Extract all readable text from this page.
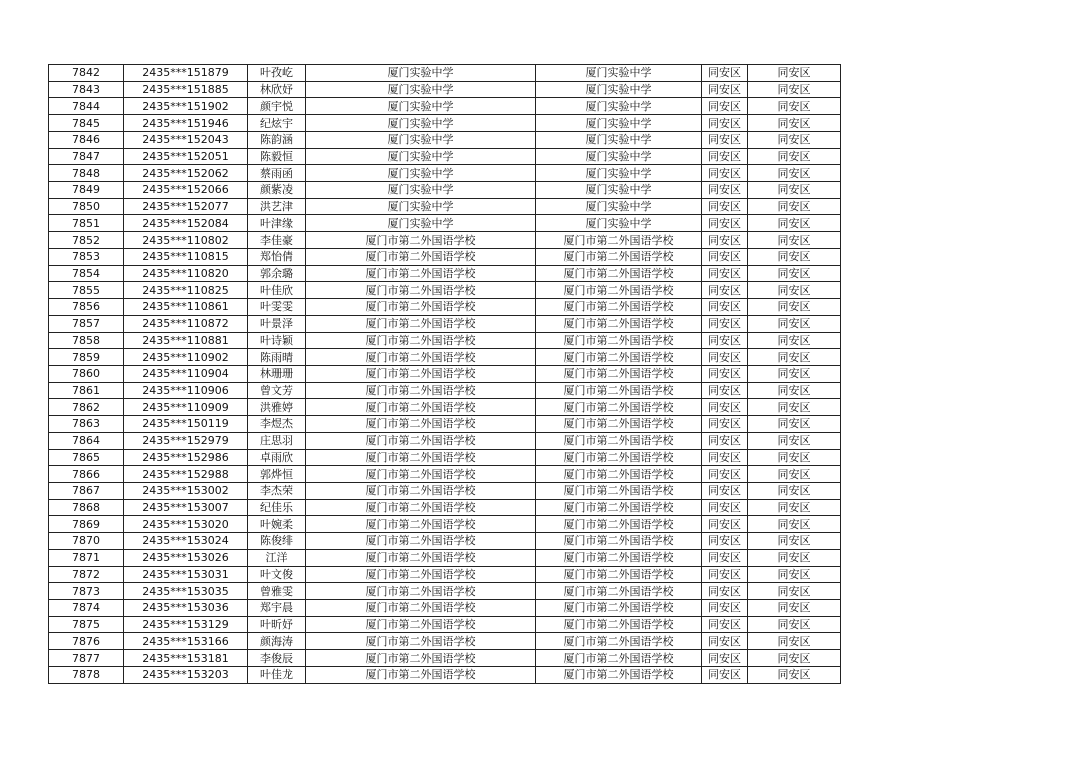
7842	2435***151879	叶孜屹	厦门实验中学	厦门实验中学	同安区	同安区
7843	2435***151885	林欣妤	厦门实验中学	厦门实验中学	同安区	同安区
7844	2435***151902	颜宇悦	厦门实验中学	厦门实验中学	同安区	同安区
7845	2435***151946	纪炫宇	厦门实验中学	厦门实验中学	同安区	同安区
7846	2435***152043	陈韵涵	厦门实验中学	厦门实验中学	同安区	同安区
7847	2435***152051	陈毅恒	厦门实验中学	厦门实验中学	同安区	同安区
7848	2435***152062	蔡雨函	厦门实验中学	厦门实验中学	同安区	同安区
7849	2435***152066	颜紫凌	厦门实验中学	厦门实验中学	同安区	同安区
7850	2435***152077	洪艺津	厦门实验中学	厦门实验中学	同安区	同安区
7851	2435***152084	叶津缘	厦门实验中学	厦门实验中学	同安区	同安区
7852	2435***110802	李佳豪	厦门市第二外国语学校	厦门市第二外国语学校	同安区	同安区
7853	2435***110815	郑怡倩	厦门市第二外国语学校	厦门市第二外国语学校	同安区	同安区
7854	2435***110820	郭余璐	厦门市第二外国语学校	厦门市第二外国语学校	同安区	同安区
7855	2435***110825	叶佳欣	厦门市第二外国语学校	厦门市第二外国语学校	同安区	同安区
7856	2435***110861	叶雯雯	厦门市第二外国语学校	厦门市第二外国语学校	同安区	同安区
7857	2435***110872	叶景泽	厦门市第二外国语学校	厦门市第二外国语学校	同安区	同安区
7858	2435***110881	叶诗颖	厦门市第二外国语学校	厦门市第二外国语学校	同安区	同安区
7859	2435***110902	陈雨晴	厦门市第二外国语学校	厦门市第二外国语学校	同安区	同安区
7860	2435***110904	林珊珊	厦门市第二外国语学校	厦门市第二外国语学校	同安区	同安区
7861	2435***110906	曾文芳	厦门市第二外国语学校	厦门市第二外国语学校	同安区	同安区
7862	2435***110909	洪雅婷	厦门市第二外国语学校	厦门市第二外国语学校	同安区	同安区
7863	2435***150119	李煜杰	厦门市第二外国语学校	厦门市第二外国语学校	同安区	同安区
7864	2435***152979	庄思羽	厦门市第二外国语学校	厦门市第二外国语学校	同安区	同安区
7865	2435***152986	卓雨欣	厦门市第二外国语学校	厦门市第二外国语学校	同安区	同安区
7866	2435***152988	郭烨恒	厦门市第二外国语学校	厦门市第二外国语学校	同安区	同安区
7867	2435***153002	李杰荣	厦门市第二外国语学校	厦门市第二外国语学校	同安区	同安区
7868	2435***153007	纪佳乐	厦门市第二外国语学校	厦门市第二外国语学校	同安区	同安区
7869	2435***153020	叶婉柔	厦门市第二外国语学校	厦门市第二外国语学校	同安区	同安区
7870	2435***153024	陈俊绯	厦门市第二外国语学校	厦门市第二外国语学校	同安区	同安区
7871	2435***153026	江洋	厦门市第二外国语学校	厦门市第二外国语学校	同安区	同安区
7872	2435***153031	叶文俊	厦门市第二外国语学校	厦门市第二外国语学校	同安区	同安区
7873	2435***153035	曾雅雯	厦门市第二外国语学校	厦门市第二外国语学校	同安区	同安区
7874	2435***153036	郑宇晨	厦门市第二外国语学校	厦门市第二外国语学校	同安区	同安区
7875	2435***153129	叶昕妤	厦门市第二外国语学校	厦门市第二外国语学校	同安区	同安区
7876	2435***153166	颜海涛	厦门市第二外国语学校	厦门市第二外国语学校	同安区	同安区
7877	2435***153181	李俊辰	厦门市第二外国语学校	厦门市第二外国语学校	同安区	同安区
7878	2435***153203	叶佳龙	厦门市第二外国语学校	厦门市第二外国语学校	同安区	同安区
